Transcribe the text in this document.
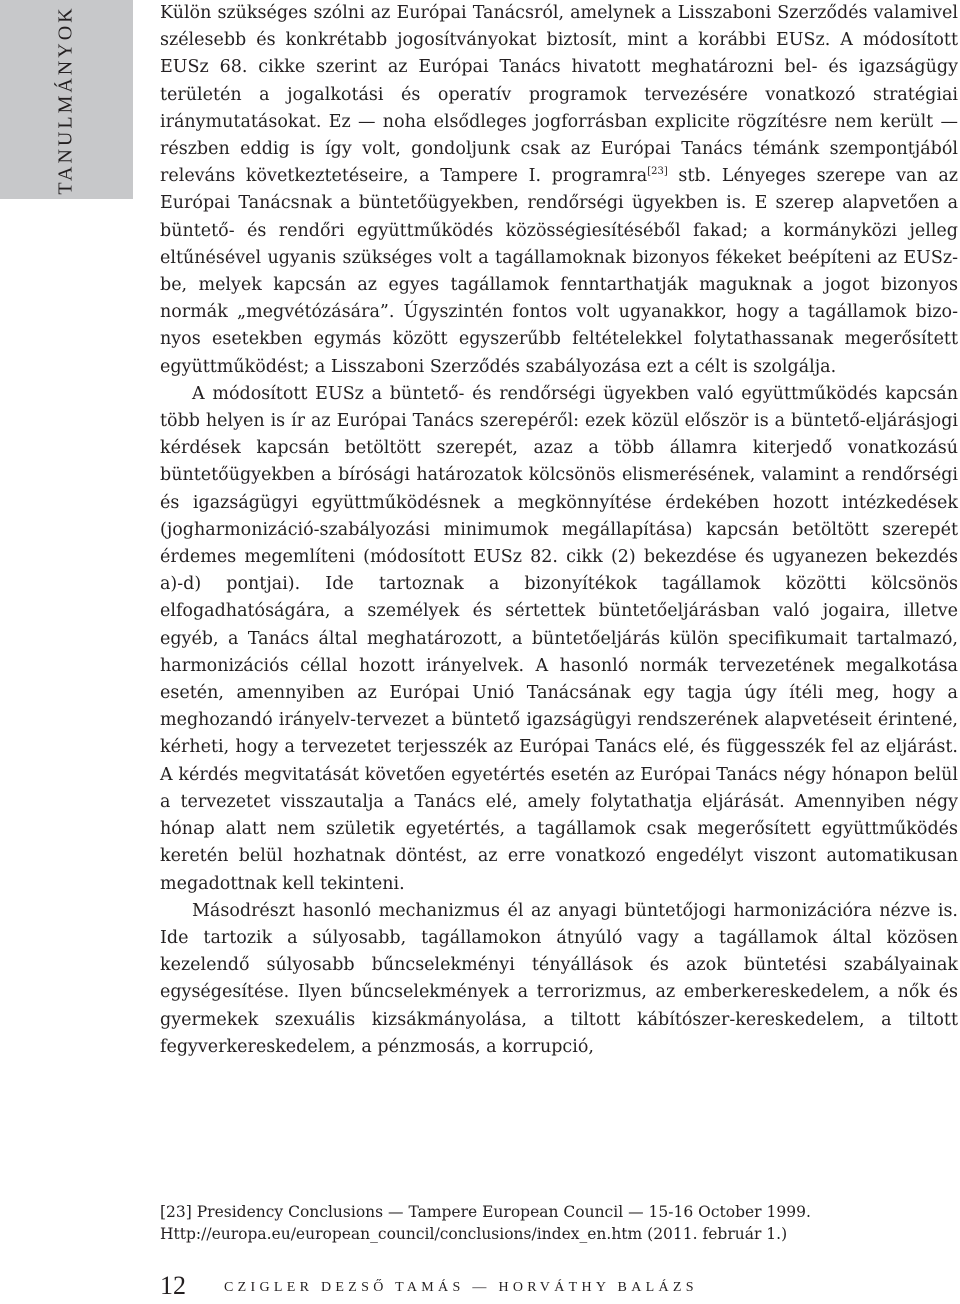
TANULMÁNYOK	Külön szükséges szólni az Európai Tanácsról, amelynek a Lisszaboni Szerződés valamivel szélesebb és konkrétabb jogosítványokat biztosít, mint a korábbi EUSz. A módosított EUSz 68. cikke szerint az Európai Tanács hivatott meghatározni bel- és igazságügy területén a jogalkotási és operatív programok tervezésére vonatkozó stratégiai iránymutatásokat. Ez — noha elsődleges jogforrásban explicite rögzítésre nem került — részben eddig is így volt, gondoljunk csak az Európai Tanács témánk szempontjából releváns következtetéseire, a Tampere I. programra[23] stb. Lényeges szerepe van az Európai Tanácsnak a büntetőügyekben, rendőrségi ügyekben is. E szerep alapvetően a büntető- és rendőri együttműködés közösségiesítéséből fakad; a kormányközi jelleg eltűnésével ugyanis szükséges volt a tagállamoknak bizonyos fékeket beépíteni az EUSz-be, melyek kapcsán az egyes tagállamok fenntarthatják maguknak a jogot bizonyos normák „megvétózására”. Úgyszintén fontos volt ugyanakkor, hogy a tagállamok bizonyos esetekben egymás között egyszerűbb feltételekkel folytathassanak megerősített együttműködést; a Lisszaboni Szerződés szabályozása ezt a célt is szolgálja.

A módosított EUSz a büntető- és rendőrségi ügyekben való együttműködés kapcsán több helyen is ír az Európai Tanács szerepéről: ezek közül először is a büntető-eljárásjogi kérdések kapcsán betöltött szerepét, azaz a több államra kiterjedő vonatkozású büntetőügyekben a bírósági határozatok kölcsönös elismerésének, valamint a rendőrségi és igazságügyi együttműködésnek a megkönnyítése érdekében hozott intézkedések (jogharmonizáció-szabályozási minimumok megállapítása) kapcsán betöltött szerepét érdemes megemlíteni (módosított EUSz 82. cikk (2) bekezdése és ugyanezen bekezdés a)-d) pontjai). Ide tartoznak a bizonyítékok tagállamok közötti kölcsönös elfogadhatóságára, a személyek és sértettek büntetőeljárásban való jogaira, illetve egyéb, a Tanács által meghatározott, a büntetőeljárás külön specifikumait tartalmazó, harmonizációs céllal hozott irányelvek. A hasonló normák tervezetének megalkotása esetén, amennyiben az Európai Unió Tanácsának egy tagja úgy ítéli meg, hogy a meghozandó irányelv-tervezet a büntető igazságügyi rendszerének alapvetéseit érintené, kérheti, hogy a tervezetet terjesszék az Európai Tanács elé, és függesszék fel az eljárást. A kérdés megvitatását követően egyetértés esetén az Európai Tanács négy hónapon belül a tervezetet visszautalja a Tanács elé, amely folytathatja eljárását. Amennyiben négy hónap alatt nem születik egyetértés, a tagállamok csak megerősített együttműködés keretén belül hozhatnak döntést, az erre vonatkozó engedélyt viszont automatikusan megadottnak kell tekinteni.

Másodrészt hasonló mechanizmus él az anyagi büntetőjogi harmonizációra nézve is. Ide tartozik a súlyosabb, tagállamokon átnyúló vagy a tagállamok által közösen kezelendő súlyosabb bűncselekményi tényállások és azok büntetési szabályainak egységesítése. Ilyen bűncselekmények a terrorizmus, az emberkereskedelem, a nők és gyermekek szexuális kizsákmányolása, a tiltott kábítószer-kereskedelem, a tiltott fegyverkereskedelem, a pénzmosás, a korrupció,

[23] Presidency Conclusions — Tampere European Council — 15-16 October 1999.
Http://europa.eu/european_council/conclusions/index_en.htm (2011. február 1.)
12	CZIGLER DEZSŐ TAMÁS — HORVÁTHY BALÁZS
